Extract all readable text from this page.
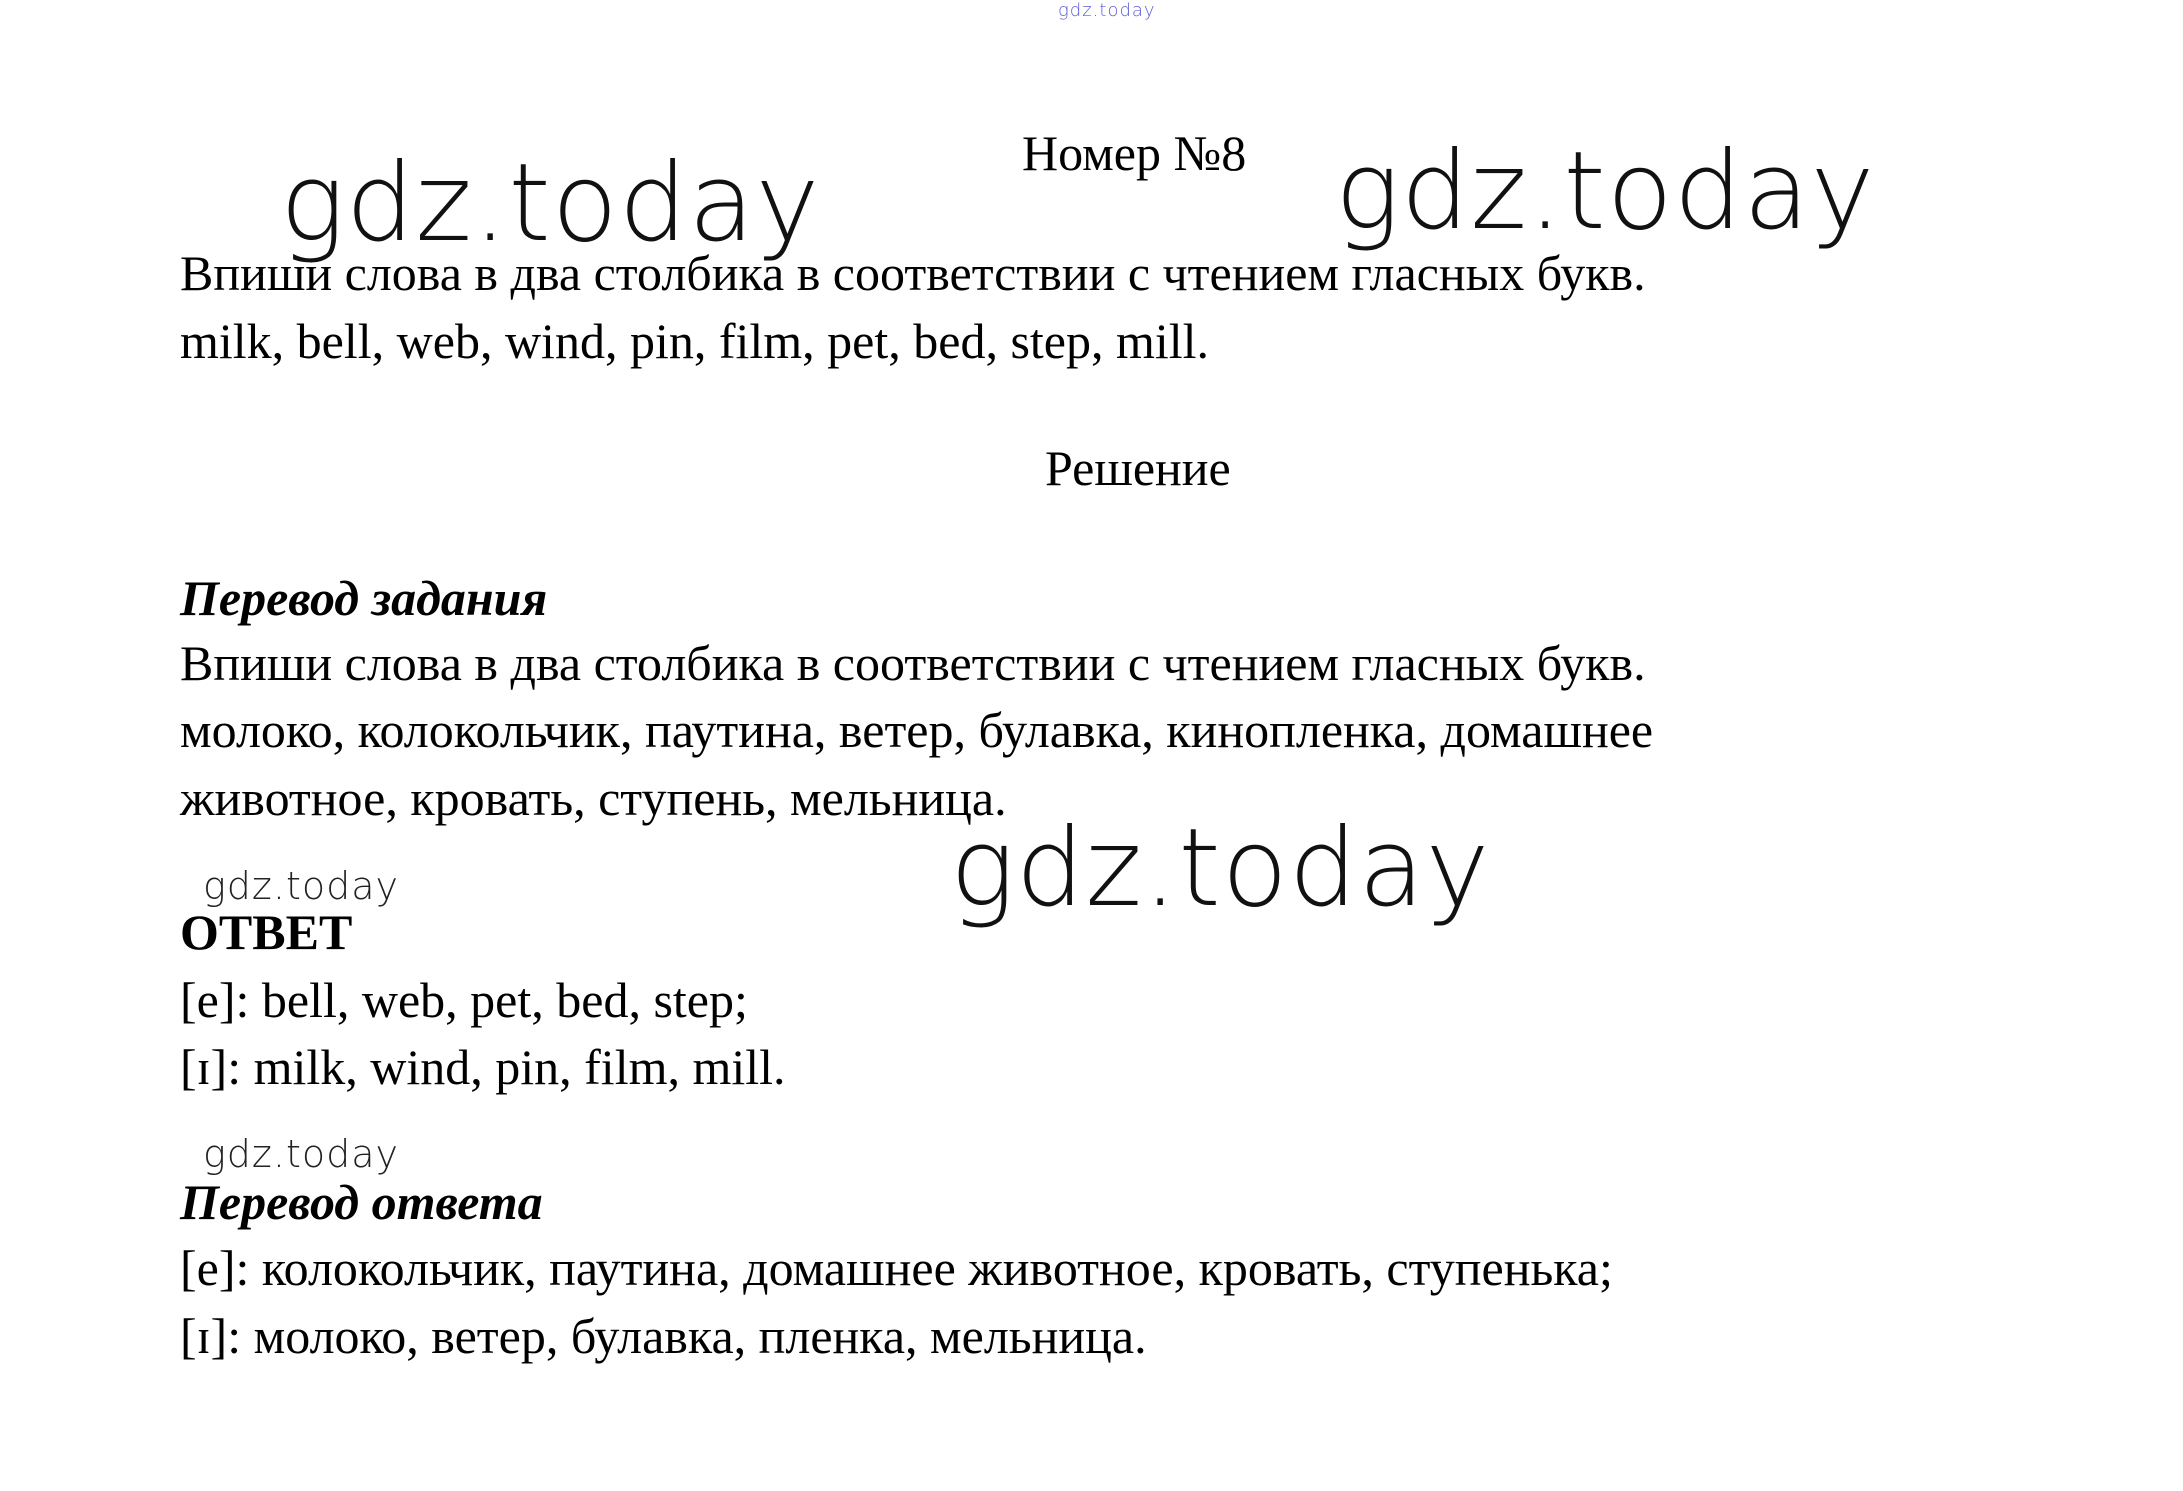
gdz.today
gdz.today	gdz.today
gdz.today
gdz.today
gdz.today
Номер №8
Впиши слова в два столбика в соответствии с чтением гласных букв.
milk, bell, web, wind, pin, film, pet, bed, step, mill.
Решение
Перевод задания
Впиши слова в два столбика в соответствии с чтением гласных букв.
молоко, колокольчик, паутина, ветер, булавка, кинопленка, домашнее
животное, кровать, ступень, мельница.
ОТВЕТ
[e]: bell, web, pet, bed, step;
[ɪ]: milk, wind, pin, film, mill.
Перевод ответа
[e]: колокольчик, паутина, домашнее животное, кровать, ступенька;
[ɪ]: молоко, ветер, булавка, пленка, мельница.
